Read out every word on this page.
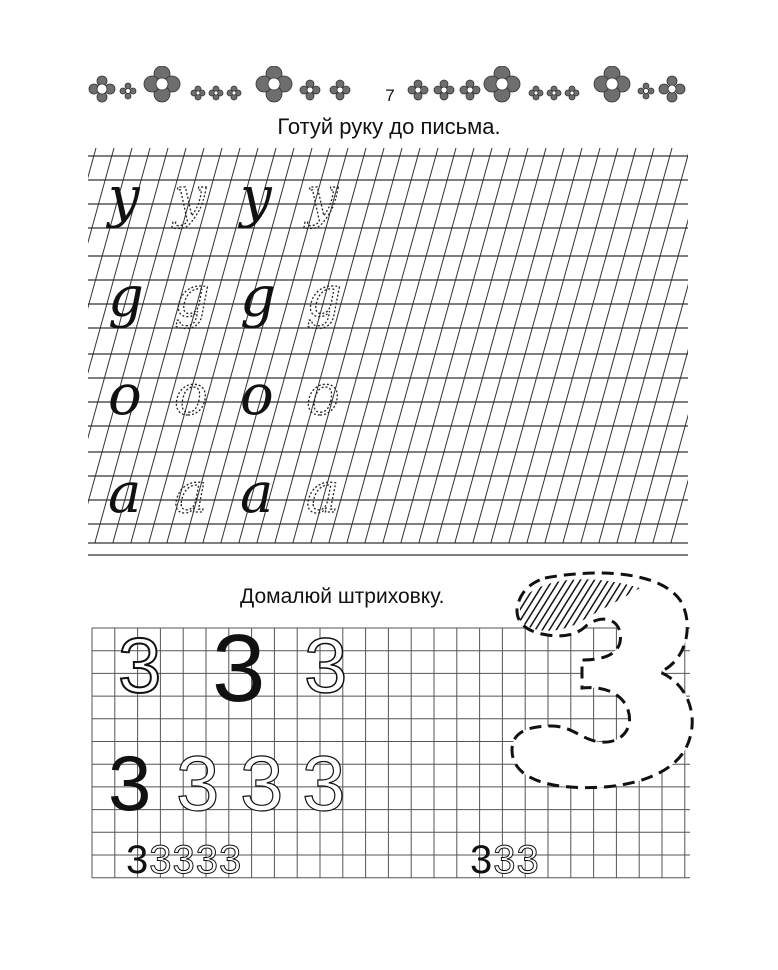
7
Готуй руку до письма.
y y y y
g g g g
o o o o
a a a a
Домалюй штриховку.
3 3 3
3 3 3 3
33333	333
